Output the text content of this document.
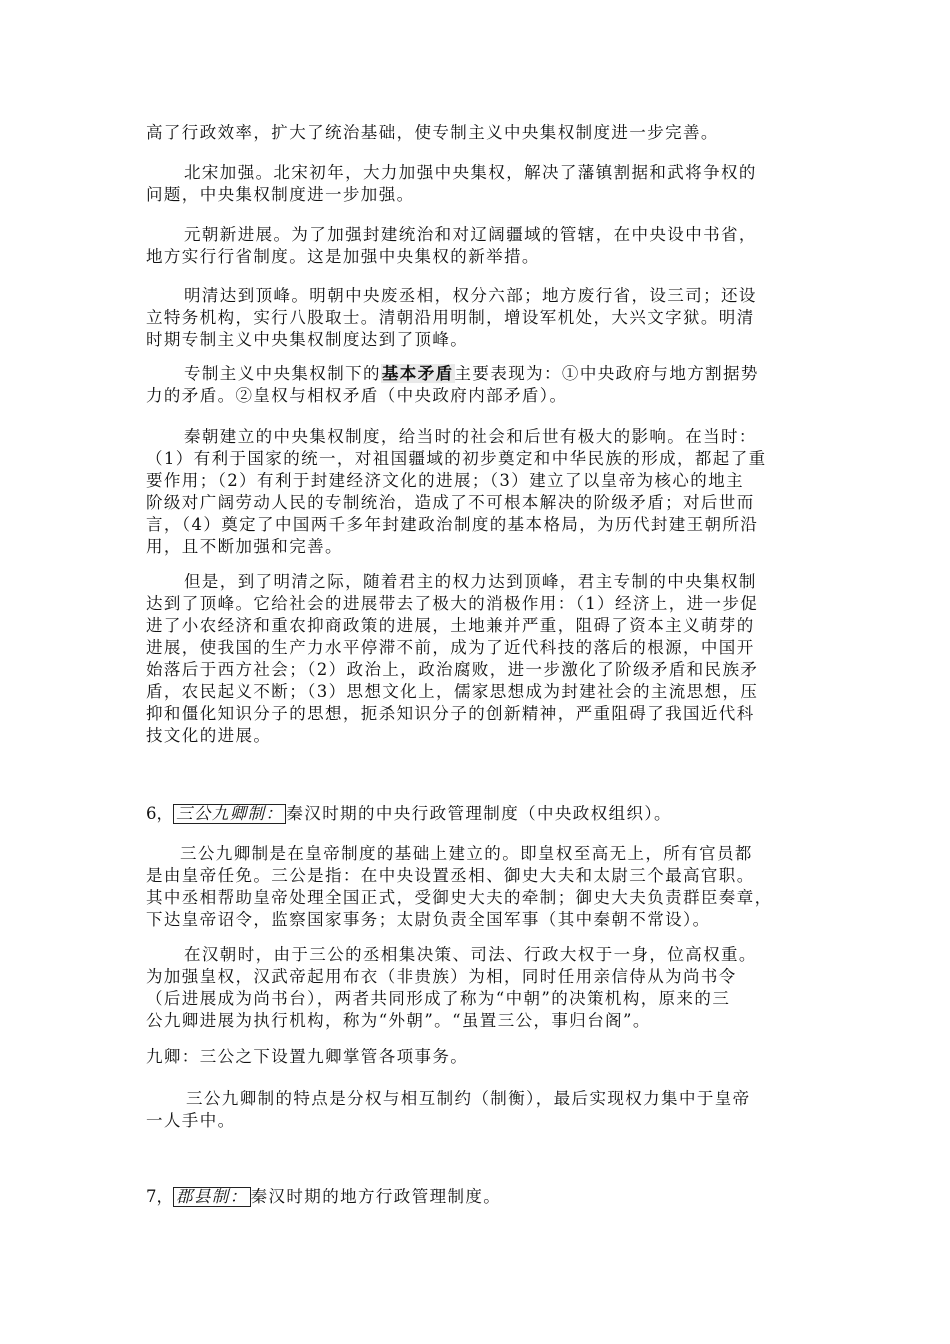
高了行政效率，扩大了统治基础，使专制主义中央集权制度进一步完善。
北宋加强。北宋初年，大力加强中央集权，解决了藩镇割据和武将争权的
问题，中央集权制度进一步加强。
元朝新进展。为了加强封建统治和对辽阔疆域的管辖，在中央设中书省，
地方实行行省制度。这是加强中央集权的新举措。
明清达到顶峰。明朝中央废丞相，权分六部；地方废行省，设三司；还设
立特务机构，实行八股取士。清朝沿用明制，增设军机处，大兴文字狱。明清
时期专制主义中央集权制度达到了顶峰。
专制主义中央集权制下的基本矛盾主要表现为：①中央政府与地方割据势
力的矛盾。②皇权与相权矛盾（中央政府内部矛盾）。
秦朝建立的中央集权制度，给当时的社会和后世有极大的影响。在当时：
（1）有利于国家的统一，对祖国疆域的初步奠定和中华民族的形成，都起了重
要作用；（2）有利于封建经济文化的进展；（3）建立了以皇帝为核心的地主
阶级对广阔劳动人民的专制统治，造成了不可根本解决的阶级矛盾；对后世而
言，（4）奠定了中国两千多年封建政治制度的基本格局，为历代封建王朝所沿
用，且不断加强和完善。
但是，到了明清之际，随着君主的权力达到顶峰，君主专制的中央集权制
达到了顶峰。它给社会的进展带去了极大的消极作用：（1）经济上，进一步促
进了小农经济和重农抑商政策的进展，土地兼并严重，阻碍了资本主义萌芽的
进展，使我国的生产力水平停滞不前，成为了近代科技的落后的根源，中国开
始落后于西方社会；（2）政治上，政治腐败，进一步激化了阶级矛盾和民族矛
盾，农民起义不断；（3）思想文化上，儒家思想成为封建社会的主流思想，压
抑和僵化知识分子的思想，扼杀知识分子的创新精神，严重阻碍了我国近代科
技文化的进展。
6， 三公九卿制： 秦汉时期的中央行政管理制度（中央政权组织）。
三公九卿制是在皇帝制度的基础上建立的。即皇权至高无上，所有官员都
是由皇帝任免。三公是指：在中央设置丞相、御史大夫和太尉三个最高官职。
其中丞相帮助皇帝处理全国正式，受御史大夫的牵制；御史大夫负责群臣奏章，
下达皇帝诏令，监察国家事务；太尉负责全国军事（其中秦朝不常设）。
在汉朝时，由于三公的丞相集决策、司法、行政大权于一身，位高权重。
为加强皇权，汉武帝起用布衣（非贵族）为相，同时任用亲信侍从为尚书令
（后进展成为尚书台），两者共同形成了称为“中朝”的决策机构，原来的三
公九卿进展为执行机构，称为“外朝”。“虽置三公，事归台阁”。
九卿：三公之下设置九卿掌管各项事务。
三公九卿制的特点是分权与相互制约（制衡），最后实现权力集中于皇帝
一人手中。
7， 郡县制： 秦汉时期的地方行政管理制度。
